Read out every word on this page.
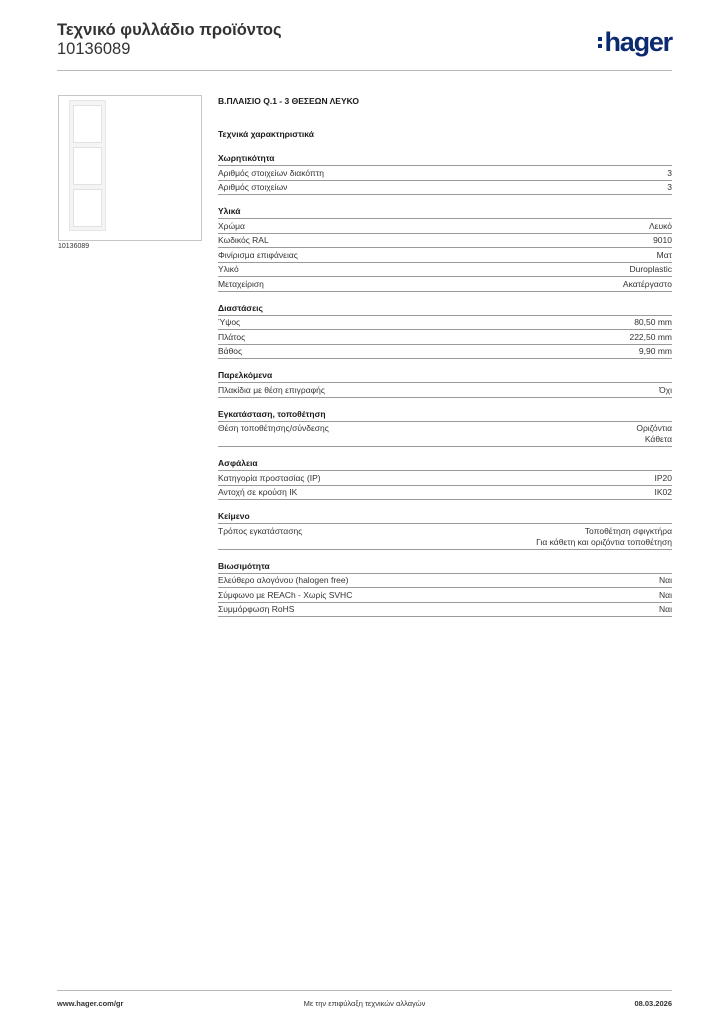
Τεχνικό φυλλάδιο προϊόντος
10136089	hager
10136089
Β.ΠΛΑΙΣΙΟ Q.1 - 3 ΘΕΣΕΩΝ ΛΕΥΚΟ
Τεχνικά χαρακτηριστικά
Χωρητικότητα
Αριθμός στοιχείων διακόπτη	3
Αριθμός στοιχείων	3
Υλικά
Χρώμα	Λευκό
Κωδικός RAL	9010
Φινίρισμα επιφάνειας	Ματ
Υλικό	Duroplastic
Μεταχείριση	Ακατέργαστο
Διαστάσεις
Ύψος	80,50 mm
Πλάτος	222,50 mm
Βάθος	9,90 mm
Παρελκόμενα
Πλακίδια με θέση επιγραφής	Όχι
Εγκατάσταση, τοποθέτηση
Θέση τοποθέτησης/σύνδεσης	Οριζόντια
Κάθετα
Ασφάλεια
Κατηγορία προστασίας (IP)	IP20
Αντοχή σε κρούση IK	IK02
Κείμενο
Τρόπος εγκατάστασης	Τοποθέτηση σφιγκτήρα
Για κάθετη και οριζόντια τοποθέτηση
Βιωσιμότητα
Ελεύθερο αλογόνου (halogen free)	Ναι
Σύμφωνο με REACh - Χωρίς SVHC	Ναι
Συμμόρφωση RoHS	Ναι
www.hager.com/gr	Με την επιφύλαξη τεχνικών αλλαγών	08.03.2026
